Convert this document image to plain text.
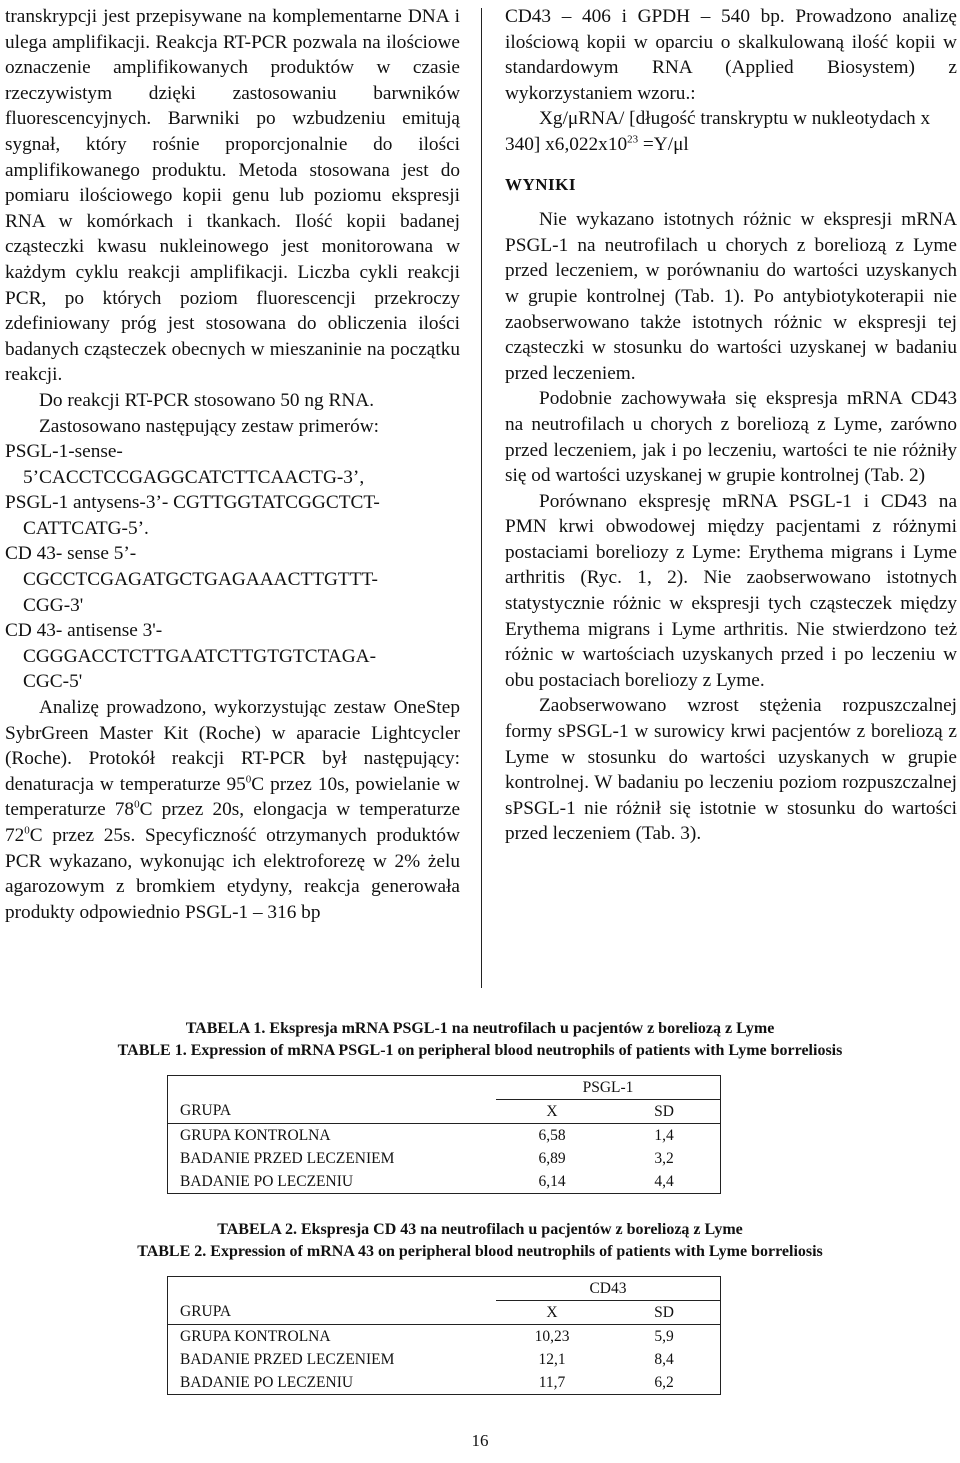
transkrypcji jest przepisywane na komplementarne DNA i ulega amplifikacji. Reakcja RT-PCR pozwala na ilościowe oznaczenie amplifikowanych produktów w czasie rzeczywistym dzięki zastosowaniu barwników fluorescencyjnych. Barwniki po wzbudzeniu emitują sygnał, który rośnie proporcjonalnie do ilości amplifikowanego produktu. Metoda stosowana jest do pomiaru ilościowego kopii genu lub poziomu ekspresji RNA w komórkach i tkankach. Ilość kopii badanej cząsteczki kwasu nukleinowego jest monitorowana w każdym cyklu reakcji amplifikacji. Liczba cykli reakcji PCR, po których poziom fluorescencji przekroczy zdefiniowany próg jest stosowana do obliczenia ilości badanych cząsteczek obecnych w mieszaninie na początku reakcji.

Do reakcji RT-PCR stosowano 50 ng RNA.

Zastosowano następujący zestaw primerów:

PSGL-1-sense-

5’CACCTCCGAGGCATCTTCAACTG-3’,

PSGL-1 antysens-3’- CGTTGGTATCGGCTCT-

CATTCATG-5’.

CD 43- sense 5’-

CGCCTCGAGATGCTGAGAAACTTGTTT-

CGG-3'

CD 43- antisense 3'-

CGGGACCTCTTGAATCTTGTGTCTAGA-

CGC-5'

Analizę prowadzono, wykorzystując zestaw OneStep SybrGreen Master Kit (Roche) w aparacie Lightcycler (Roche). Protokół reakcji RT-PCR był następujący: denaturacja w temperaturze $95^0C$ przez 10s, powielanie w temperaturze $78^0C$ przez 20s, elongacja w temperaturze $72^0C$ przez 25s. Specyficzność otrzymanych produktów PCR wykazano, wykonując ich elektroforezę w 2% żelu agarozowym z bromkiem etydyny, reakcja generowała produkty odpowiednio PSGL-1 – 316 bp

CD43 – 406 i GPDH – 540 bp. Prowadzono analizę ilościową kopii w oparciu o skalkulowaną ilość kopii w standardowym RNA (Applied Biosystem) z wykorzystaniem wzoru.:

Xg/μRNA/ [długość transkryptu w nukleotydach x 340] $x6,022x10^{23} =Y/\mu l$

WYNIKI

Nie wykazano istotnych różnic w ekspresji mRNA PSGL-1 na neutrofilach u chorych z boreliozą z Lyme przed leczeniem, w porównaniu do wartości uzyskanych w grupie kontrolnej (Tab. 1). Po antybiotykoterapii nie zaobserwowano także istotnych różnic w ekspresji tej cząsteczki w stosunku do wartości uzyskanej w badaniu przed leczeniem.

Podobnie zachowywała się ekspresja mRNA CD43 na neutrofilach u chorych z boreliozą z Lyme, zarówno przed leczeniem, jak i po leczeniu, wartości te nie różniły się od wartości uzyskanej w grupie kontrolnej (Tab. 2)

Porównano ekspresję mRNA PSGL-1 i CD43 na PMN krwi obwodowej między pacjentami z różnymi postaciami boreliozy z Lyme: Erythema migrans i Lyme arthritis (Ryc. 1, 2). Nie zaobserwowano istotnych statystycznie różnic w ekspresji tych cząsteczek między Erythema migrans i Lyme arthritis. Nie stwierdzono też różnic w wartościach uzyskanych przed i po leczeniu w obu postaciach boreliozy z Lyme.

Zaobserwowano wzrost stężenia rozpuszczalnej formy sPSGL-1 w surowicy krwi pacjentów z boreliozą z Lyme w stosunku do wartości uzyskanych w grupie kontrolnej. W badaniu po leczeniu poziom rozpuszczalnej sPSGL-1 nie różnił się istotnie w stosunku do wartości przed leczeniem (Tab. 3).

TABELA 1. Ekspresja mRNA PSGL-1 na neutrofilach u pacjentów z boreliozą z Lyme
TABLE 1. Expression of mRNA PSGL-1 on peripheral blood neutrophils of patients with Lyme borreliosis
	PSGL-1	
GRUPA	X	SD
GRUPA KONTROLNA	6,58	1,4
BADANIE PRZED LECZENIEM	6,89	3,2
BADANIE PO LECZENIU	6,14	4,4
TABELA 2. Ekspresja CD 43 na neutrofilach u pacjentów z boreliozą z Lyme
TABLE 2. Expression of mRNA 43 on peripheral blood neutrophils of patients with Lyme borreliosis
	CD43	
GRUPA	X	SD
GRUPA KONTROLNA	10,23	5,9
BADANIE PRZED LECZENIEM	12,1	8,4
BADANIE PO LECZENIU	11,7	6,2
16
